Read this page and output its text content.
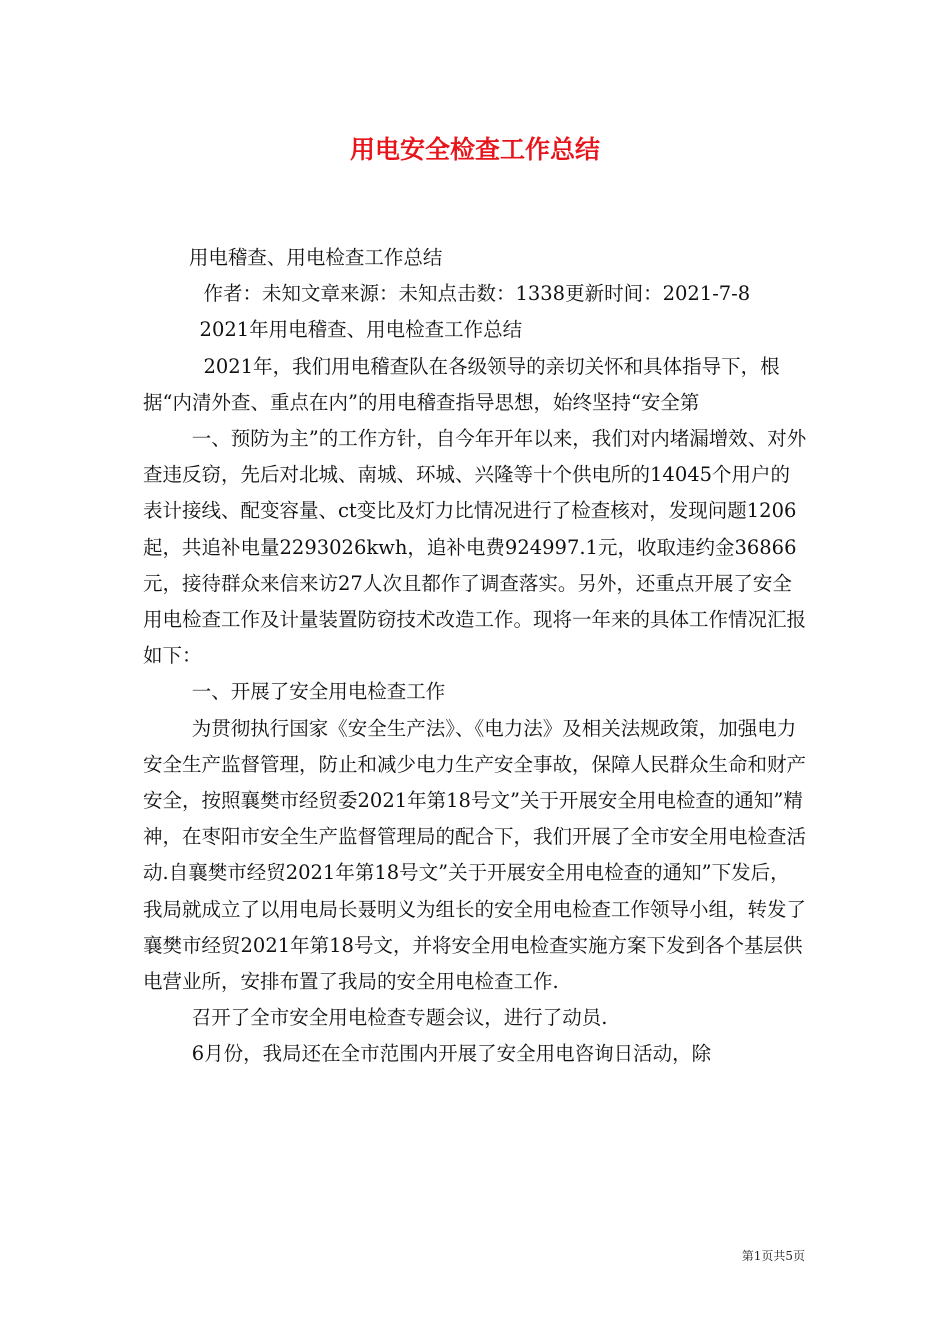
用电安全检查工作总结

用电稽查、用电检查工作总结

作者：未知文章来源：未知点击数：1338更新时间：2021-7-8

2021年用电稽查、用电检查工作总结

2021年，我们用电稽查队在各级领导的亲切关怀和具体指导下，根据“内清外查、重点在内”的用电稽查指导思想，始终坚持“安全第

一、预防为主”的工作方针，自今年开年以来，我们对内堵漏增效、对外查违反窃，先后对北城、南城、环城、兴隆等十个供电所的14045个用户的表计接线、配变容量、ct变比及灯力比情况进行了检查核对，发现问题1206起，共追补电量2293026kwh，追补电费924997.1元，收取违约金36866元，接待群众来信来访27人次且都作了调查落实。另外，还重点开展了安全用电检查工作及计量装置防窃技术改造工作。现将一年来的具体工作情况汇报如下：

一、开展了安全用电检查工作

为贯彻执行国家《安全生产法》、《电力法》及相关法规政策，加强电力安全生产监督管理，防止和减少电力生产安全事故，保障人民群众生命和财产安全，按照襄樊市经贸委2021年第18号文”关于开展安全用电检查的通知”精神，在枣阳市安全生产监督管理局的配合下，我们开展了全市安全用电检查活动.自襄樊市经贸2021年第18号文”关于开展安全用电检查的通知”下发后，我局就成立了以用电局长聂明义为组长的安全用电检查工作领导小组，转发了襄樊市经贸2021年第18号文，并将安全用电检查实施方案下发到各个基层供电营业所，安排布置了我局的安全用电检查工作.

召开了全市安全用电检查专题会议，进行了动员.

6月份，我局还在全市范围内开展了安全用电咨询日活动，除

第1页共5页
